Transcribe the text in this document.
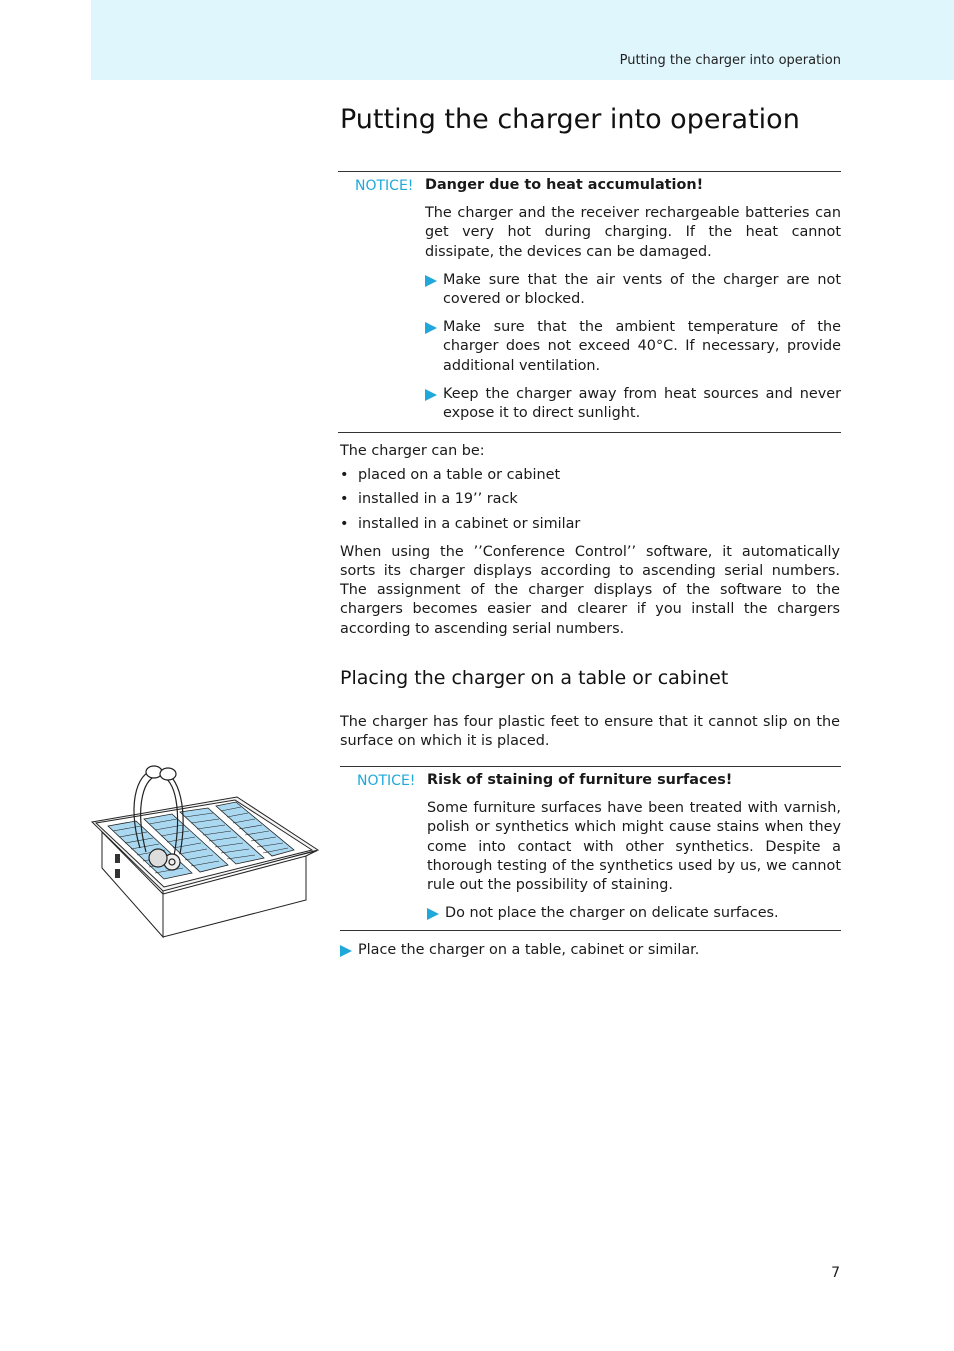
Putting the charger into operation
Putting the charger into operation
NOTICE! Danger due to heat accumulation!

The charger and the receiver rechargeable batteries can get very hot during charging. If the heat cannot dissipate, the devices can be damaged.

Make sure that the air vents of the charger are not covered or blocked.
Make sure that the ambient temperature of the charger does not exceed 40°C. If necessary, provide additional ventilation.
Keep the charger away from heat sources and never expose it to direct sunlight.

The charger can be:

• placed on a table or cabinet
• installed in a 19’’ rack
• installed in a cabinet or similar

When using the ’’Conference Control’’ software, it automatically sorts its charger displays according to ascending serial numbers. The assignment of the charger displays of the software to the chargers becomes easier and clearer if you install the chargers according to ascending serial numbers.

Placing the charger on a table or cabinet

The charger has four plastic feet to ensure that it cannot slip on the surface on which it is placed.

NOTICE! Risk of staining of furniture surfaces!

Some furniture surfaces have been treated with varnish, polish or synthetics which might cause stains when they come into contact with other synthetics. Despite a thorough testing of the synthetics used by us, we cannot rule out the possibility of staining.

Do not place the charger on delicate surfaces.
Place the charger on a table, cabinet or similar.
7
